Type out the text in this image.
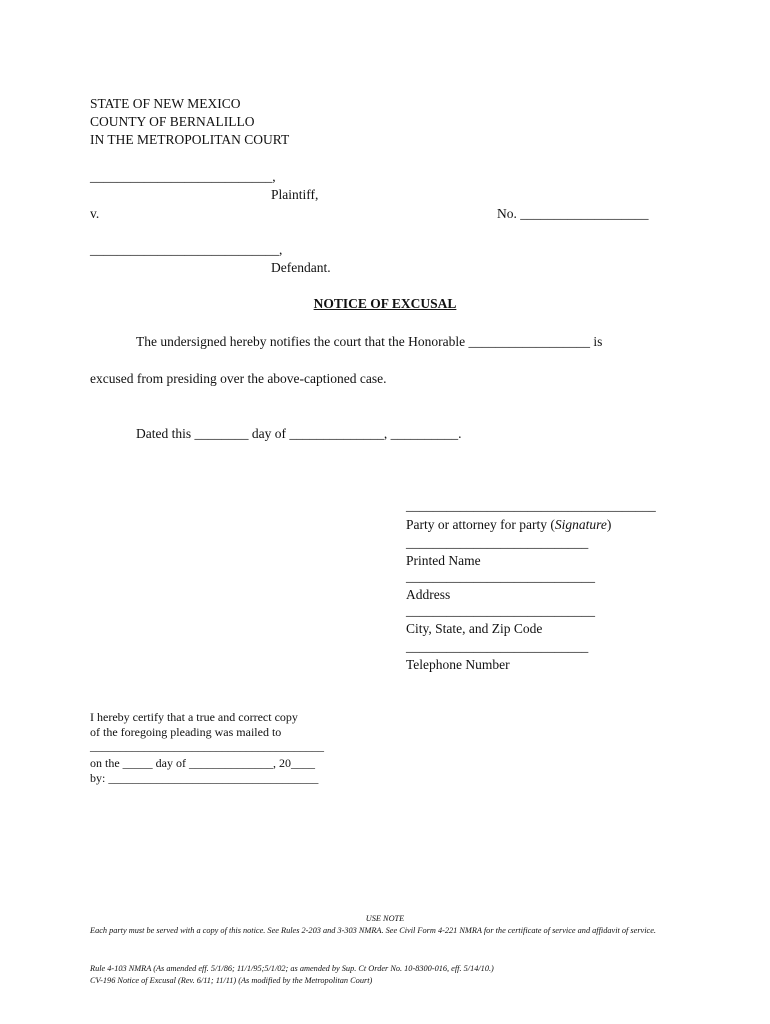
STATE OF NEW MEXICO
COUNTY OF BERNALILLO
IN THE METROPOLITAN COURT
___________________________,
Plaintiff,
v.	No. ___________________
____________________________,
Defendant.
NOTICE OF EXCUSAL
The undersigned hereby notifies the court that the Honorable __________________ is
excused from presiding over the above-captioned case.
Dated this ________ day of ______________, __________.
_____________________________________
Party or attorney for party (Signature)
___________________________
Printed Name
____________________________
Address
____________________________
City, State, and Zip Code
___________________________
Telephone Number
I hereby certify that a true and correct copy
of the foregoing pleading was mailed to
_______________________________________
on the _____ day of ______________, 20____
by: ___________________________________
USE NOTE
Each party must be served with a copy of this notice. See Rules 2-203 and 3-303 NMRA. See Civil Form 4-221 NMRA for the certificate of service and affidavit of service.
Rule 4-103 NMRA (As amended eff. 5/1/86; 11/1/95;5/1/02; as amended by Sup. Ct Order No. 10-8300-016, eff. 5/14/10.)
CV-196 Notice of Excusal (Rev. 6/11; 11/11) (As modified by the Metropolitan Court)
